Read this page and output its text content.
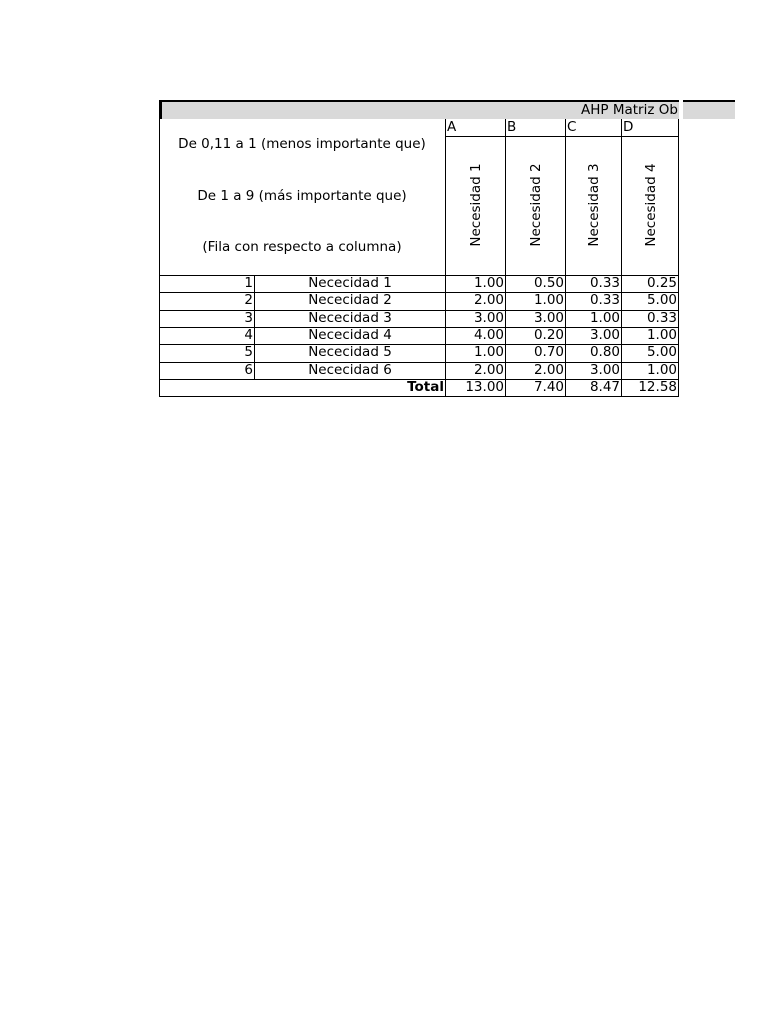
AHP Matriz Ob
De 0,11 a 1 (menos importante que)
De 1 a 9 (más importante que)
(Fila con respecto a columna)
A	B	C	D
Necesidad 1	Necesidad 2	Necesidad 3	Necesidad 4
1	Nececidad 1	1.00	0.50	0.33	0.25
2	Nececidad 2	2.00	1.00	0.33	5.00
3	Nececidad 3	3.00	3.00	1.00	0.33
4	Nececidad 4	4.00	0.20	3.00	1.00
5	Nececidad 5	1.00	0.70	0.80	5.00
6	Nececidad 6	2.00	2.00	3.00	1.00
Total	13.00	7.40	8.47	12.58
